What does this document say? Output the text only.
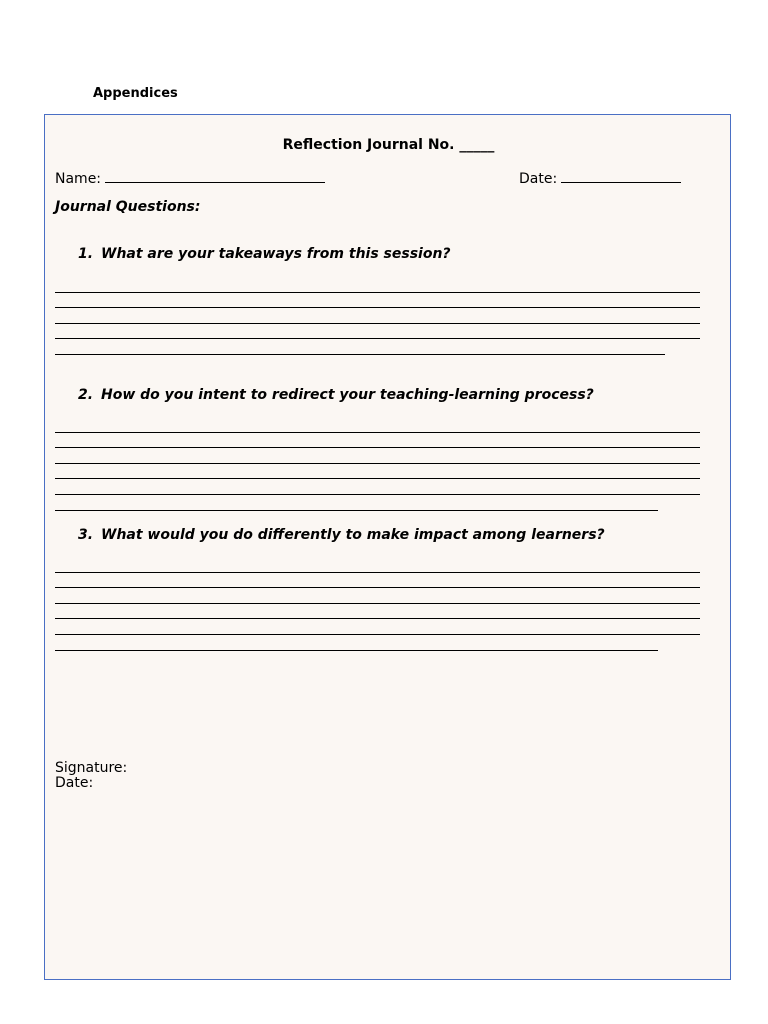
Appendices
Reflection Journal No. _____
Name:	Date:

Journal Questions:

1. What are your takeaways from this session?

2. How do you intent to redirect your teaching-learning process?

3. What would you do differently to make impact among learners?

Signature:

Date:
